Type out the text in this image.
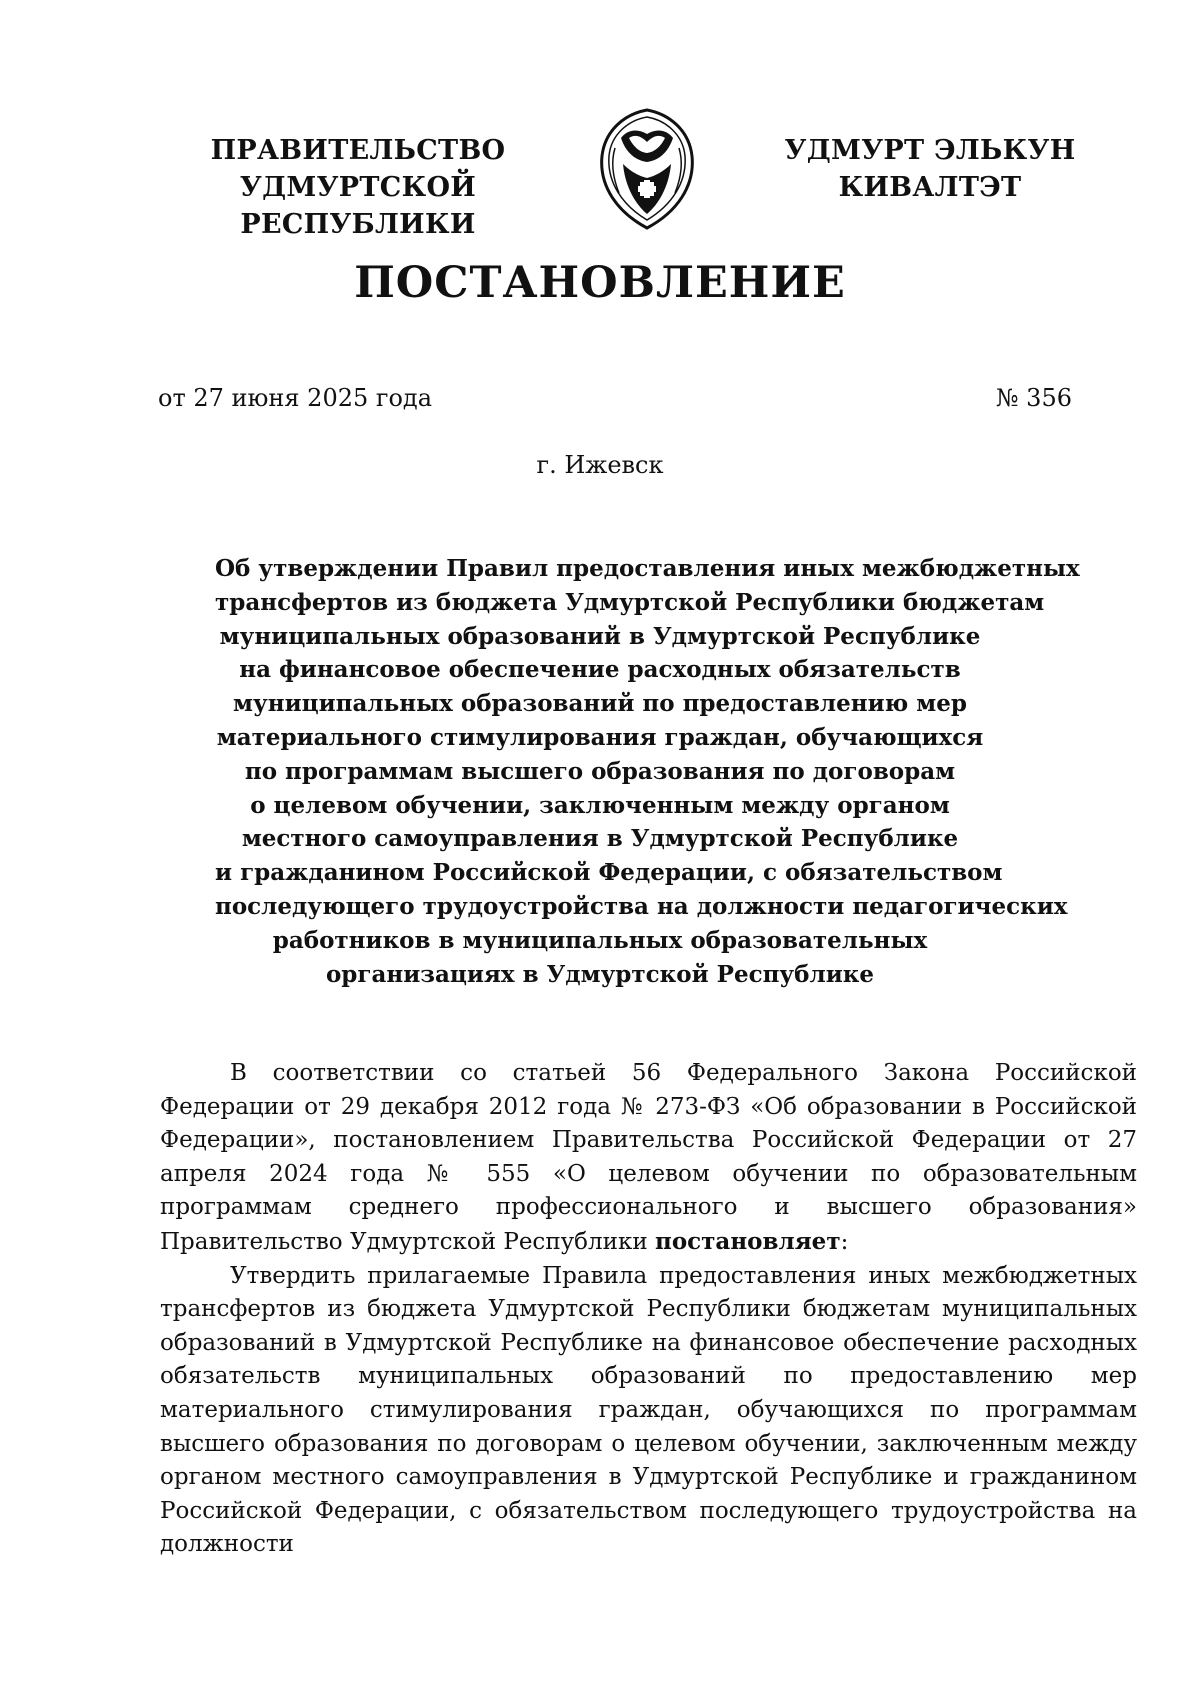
ПРАВИТЕЛЬСТВО
УДМУРТСКОЙ РЕСПУБЛИКИ
УДМУРТ ЭЛЬКУН
КИВАЛТЭТ
ПОСТАНОВЛЕНИЕ
от 27 июня 2025 года	№ 356
г. Ижевск
Об утверждении Правил предоставления иных межбюджетных
трансфертов из бюджета Удмуртской Республики бюджетам
муниципальных образований в Удмуртской Республике
на финансовое обеспечение расходных обязательств
муниципальных образований по предоставлению мер
материального стимулирования граждан, обучающихся
по программам высшего образования по договорам
о целевом обучении, заключенным между органом
местного самоуправления в Удмуртской Республике
и гражданином Российской Федерации, с обязательством
последующего трудоустройства на должности педагогических
работников в муниципальных образовательных
организациях в Удмуртской Республике

В соответствии со статьей 56 Федерального Закона Российской Федерации от 29 декабря 2012 года № 273-ФЗ «Об образовании в Российской Федерации», постановлением Правительства Российской Федерации от 27 апреля 2024 года № 555 «О целевом обучении по образовательным программам среднего профессионального и высшего образования» Правительство Удмуртской Республики постановляет:

Утвердить прилагаемые Правила предоставления иных межбюджетных трансфертов из бюджета Удмуртской Республики бюджетам муниципальных образований в Удмуртской Республике на финансовое обеспечение расходных обязательств муниципальных образований по предоставлению мер материального стимулирования граждан, обучающихся по программам высшего образования по договорам о целевом обучении, заключенным между органом местного самоуправления в Удмуртской Республике и гражданином Российской Федерации, с обязательством последующего трудоустройства на должности
